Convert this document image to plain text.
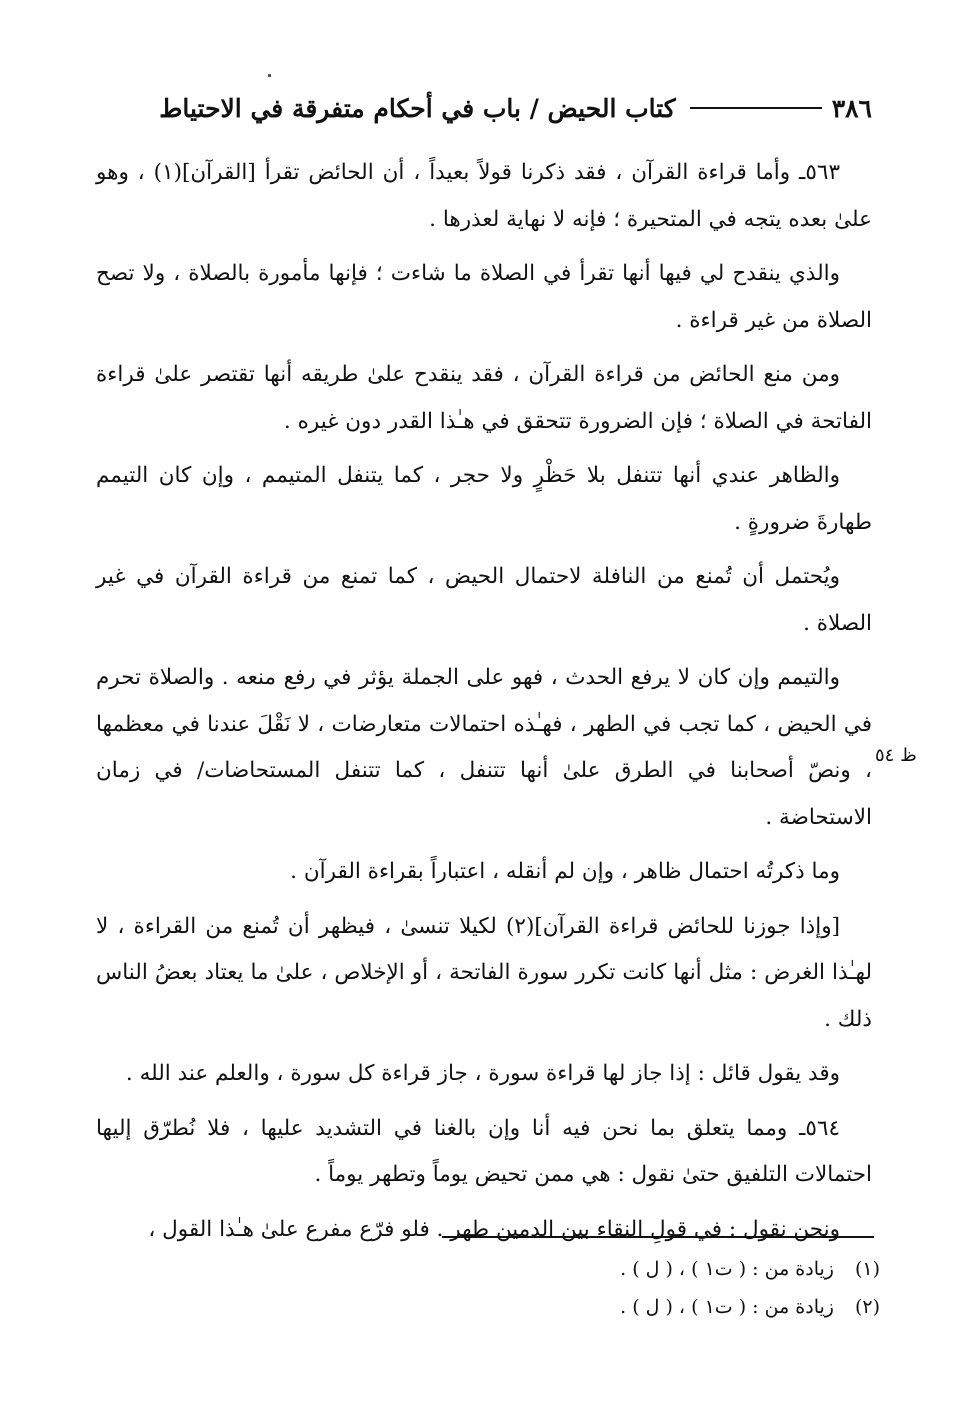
٣٨٦
كتاب الحيض / باب في أحكام متفرقة في الاحتياط

٥٦٣ـ وأما قراءة القرآن ، فقد ذكرنا قولاً بعيداً ، أن الحائض تقرأ [القرآن](١) ، وهو علىٰ بعده يتجه في المتحيرة ؛ فإنه لا نهاية لعذرها .

والذي ينقدح لي فيها أنها تقرأ في الصلاة ما شاءت ؛ فإنها مأمورة بالصلاة ، ولا تصح الصلاة من غير قراءة .

ومن منع الحائض من قراءة القرآن ، فقد ينقدح علىٰ طريقه أنها تقتصر علىٰ قراءة الفاتحة في الصلاة ؛ فإن الضرورة تتحقق في هـٰذا القدر دون غيره .

والظاهر عندي أنها تتنفل بلا حَظْرٍ ولا حجر ، كما يتنفل المتيمم ، وإن كان التيمم طهارةَ ضرورةٍ .

ويُحتمل أن تُمنع من النافلة لاحتمال الحيض ، كما تمنع من قراءة القرآن في غير الصلاة .

والتيمم وإن كان لا يرفع الحدث ، فهو على الجملة يؤثر في رفع منعه . والصلاة تحرم في الحيض ، كما تجب في الطهر ، فهـٰذه احتمالات متعارضات ، لا نَقْلَ عندنا في معظمها ، ونصّ أصحابنا في الطرق علىٰ أنها تتنفل ، كما تتنفل المستحاضات/ في زمان الاستحاضة .

وما ذكرتُه احتمال ظاهر ، وإن لم أنقله ، اعتباراً بقراءة القرآن .

[وإذا جوزنا للحائض قراءة القرآن](٢) لكيلا تنسىٰ ، فيظهر أن تُمنع من القراءة ، لا لهـٰذا الغرض : مثل أنها كانت تكرر سورة الفاتحة ، أو الإخلاص ، علىٰ ما يعتاد بعضُ الناس ذلك .

وقد يقول قائل : إذا جاز لها قراءة سورة ، جاز قراءة كل سورة ، والعلم عند الله .

٥٦٤ـ ومما يتعلق بما نحن فيه أنا وإن بالغنا في التشديد عليها ، فلا نُطرّق إليها احتمالات التلفيق حتىٰ نقول : هي ممن تحيض يوماً وتطهر يوماً .

ونحن نقول : في قولِ النقاء بين الدمين طهر . فلو فرّع مفرع علىٰ هـٰذا القول ،

ظ ٥٤
(١) زيادة من : ( ت١ ) ، ( ل ) .
(٢) زيادة من : ( ت١ ) ، ( ل ) .
